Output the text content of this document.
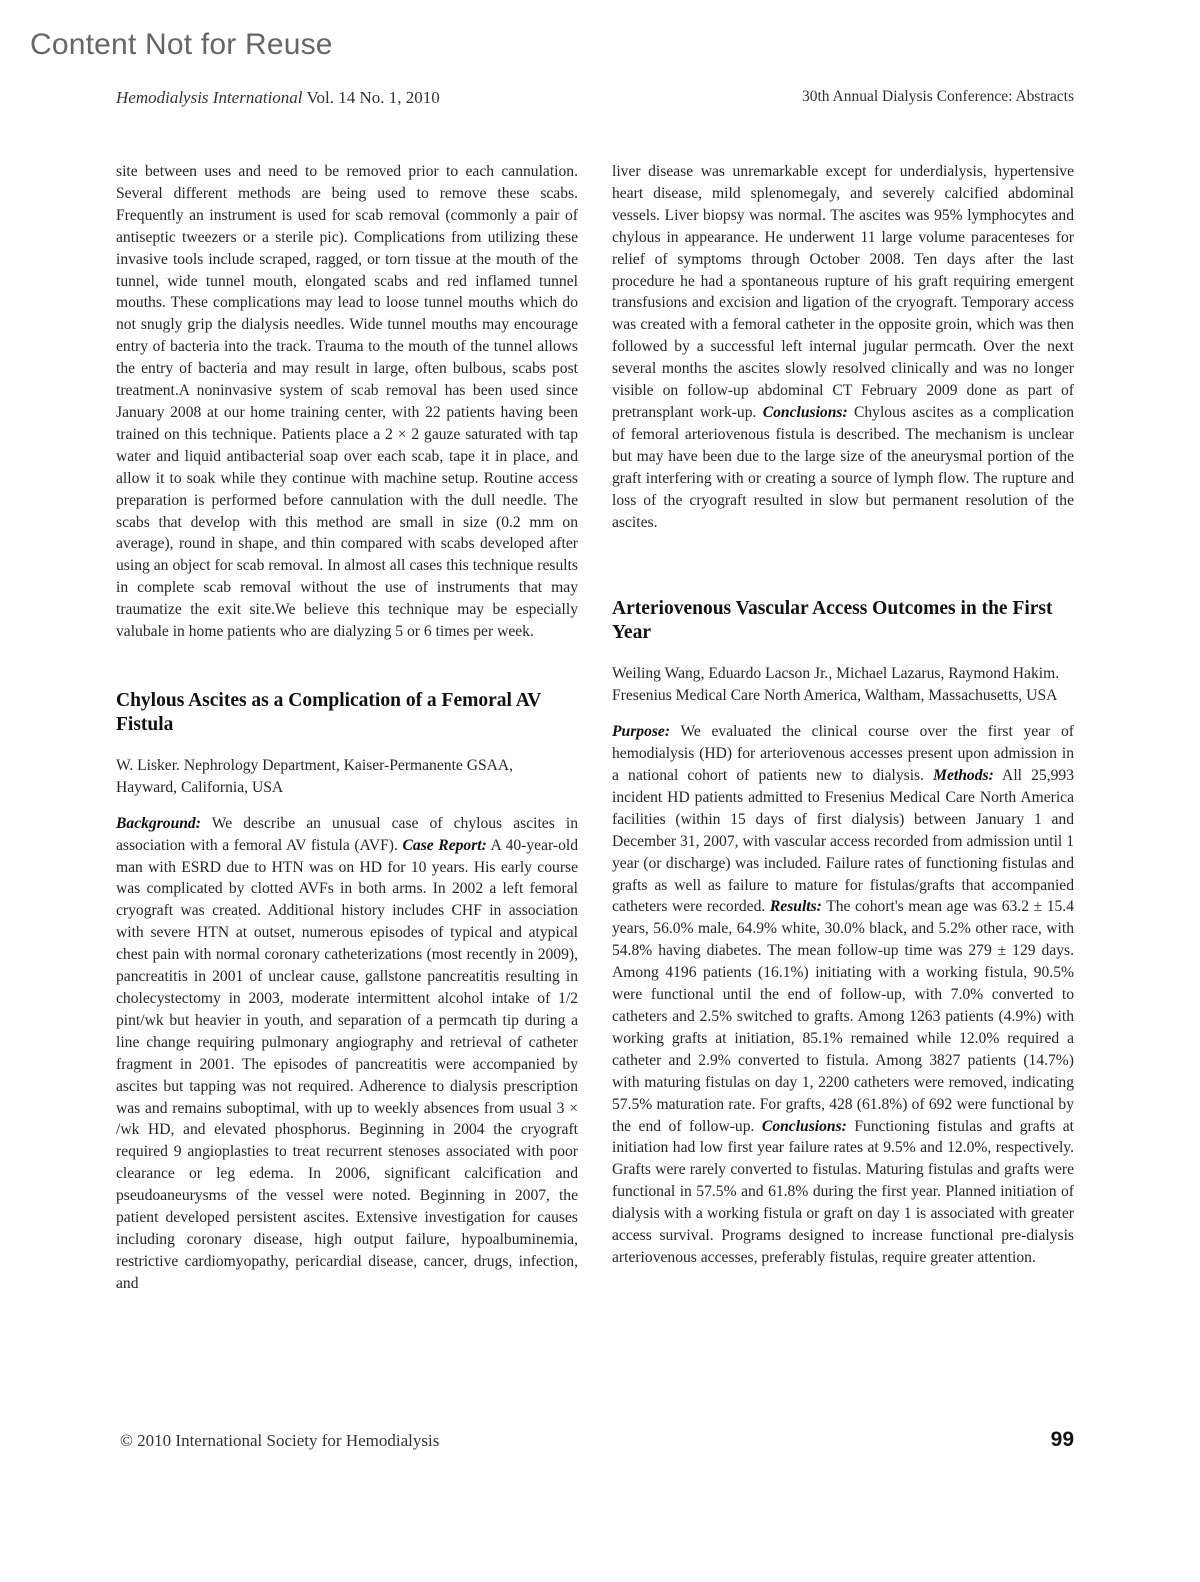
Content Not for Reuse
Hemodialysis International Vol. 14 No. 1, 2010	30th Annual Dialysis Conference: Abstracts

site between uses and need to be removed prior to each cannulation. Several different methods are being used to remove these scabs. Frequently an instrument is used for scab removal (commonly a pair of antiseptic tweezers or a sterile pic). Complications from utilizing these invasive tools include scraped, ragged, or torn tissue at the mouth of the tunnel, wide tunnel mouth, elongated scabs and red inflamed tunnel mouths. These complications may lead to loose tunnel mouths which do not snugly grip the dialysis needles. Wide tunnel mouths may encourage entry of bacteria into the track. Trauma to the mouth of the tunnel allows the entry of bacteria and may result in large, often bulbous, scabs post treatment.A noninvasive system of scab removal has been used since January 2008 at our home training center, with 22 patients having been trained on this technique. Patients place a 2 × 2 gauze saturated with tap water and liquid antibacterial soap over each scab, tape it in place, and allow it to soak while they continue with machine setup. Routine access preparation is performed before cannulation with the dull needle. The scabs that develop with this method are small in size (0.2 mm on average), round in shape, and thin compared with scabs developed after using an object for scab removal. In almost all cases this technique results in complete scab removal without the use of instruments that may traumatize the exit site.We believe this technique may be especially valubale in home patients who are dialyzing 5 or 6 times per week.

Chylous Ascites as a Complication of a Femoral AV Fistula

W. Lisker. Nephrology Department, Kaiser-Permanente GSAA, Hayward, California, USA

Background: We describe an unusual case of chylous ascites in association with a femoral AV fistula (AVF). Case Report: A 40-year-old man with ESRD due to HTN was on HD for 10 years. His early course was complicated by clotted AVFs in both arms. In 2002 a left femoral cryograft was created. Additional history includes CHF in association with severe HTN at outset, numerous episodes of typical and atypical chest pain with normal coronary catheterizations (most recently in 2009), pancreatitis in 2001 of unclear cause, gallstone pancreatitis resulting in cholecystectomy in 2003, moderate intermittent alcohol intake of 1/2 pint/wk but heavier in youth, and separation of a permcath tip during a line change requiring pulmonary angiography and retrieval of catheter fragment in 2001. The episodes of pancreatitis were accompanied by ascites but tapping was not required. Adherence to dialysis prescription was and remains suboptimal, with up to weekly absences from usual 3 × /wk HD, and elevated phosphorus. Beginning in 2004 the cryograft required 9 angioplasties to treat recurrent stenoses associated with poor clearance or leg edema. In 2006, significant calcification and pseudoaneurysms of the vessel were noted. Beginning in 2007, the patient developed persistent ascites. Extensive investigation for causes including coronary disease, high output failure, hypoalbuminemia, restrictive cardiomyopathy, pericardial disease, cancer, drugs, infection, and

liver disease was unremarkable except for underdialysis, hypertensive heart disease, mild splenomegaly, and severely calcified abdominal vessels. Liver biopsy was normal. The ascites was 95% lymphocytes and chylous in appearance. He underwent 11 large volume paracenteses for relief of symptoms through October 2008. Ten days after the last procedure he had a spontaneous rupture of his graft requiring emergent transfusions and excision and ligation of the cryograft. Temporary access was created with a femoral catheter in the opposite groin, which was then followed by a successful left internal jugular permcath. Over the next several months the ascites slowly resolved clinically and was no longer visible on follow-up abdominal CT February 2009 done as part of pretransplant work-up. Conclusions: Chylous ascites as a complication of femoral arteriovenous fistula is described. The mechanism is unclear but may have been due to the large size of the aneurysmal portion of the graft interfering with or creating a source of lymph flow. The rupture and loss of the cryograft resulted in slow but permanent resolution of the ascites.

Arteriovenous Vascular Access Outcomes in the First Year

Weiling Wang, Eduardo Lacson Jr., Michael Lazarus, Raymond Hakim. Fresenius Medical Care North America, Waltham, Massachusetts, USA

Purpose: We evaluated the clinical course over the first year of hemodialysis (HD) for arteriovenous accesses present upon admission in a national cohort of patients new to dialysis. Methods: All 25,993 incident HD patients admitted to Fresenius Medical Care North America facilities (within 15 days of first dialysis) between January 1 and December 31, 2007, with vascular access recorded from admission until 1 year (or discharge) was included. Failure rates of functioning fistulas and grafts as well as failure to mature for fistulas/grafts that accompanied catheters were recorded. Results: The cohort's mean age was 63.2 ± 15.4 years, 56.0% male, 64.9% white, 30.0% black, and 5.2% other race, with 54.8% having diabetes. The mean follow-up time was 279 ± 129 days. Among 4196 patients (16.1%) initiating with a working fistula, 90.5% were functional until the end of follow-up, with 7.0% converted to catheters and 2.5% switched to grafts. Among 1263 patients (4.9%) with working grafts at initiation, 85.1% remained while 12.0% required a catheter and 2.9% converted to fistula. Among 3827 patients (14.7%) with maturing fistulas on day 1, 2200 catheters were removed, indicating 57.5% maturation rate. For grafts, 428 (61.8%) of 692 were functional by the end of follow-up. Conclusions: Functioning fistulas and grafts at initiation had low first year failure rates at 9.5% and 12.0%, respectively. Grafts were rarely converted to fistulas. Maturing fistulas and grafts were functional in 57.5% and 61.8% during the first year. Planned initiation of dialysis with a working fistula or graft on day 1 is associated with greater access survival. Programs designed to increase functional pre-dialysis arteriovenous accesses, preferably fistulas, require greater attention.

© 2010 International Society for Hemodialysis	99
